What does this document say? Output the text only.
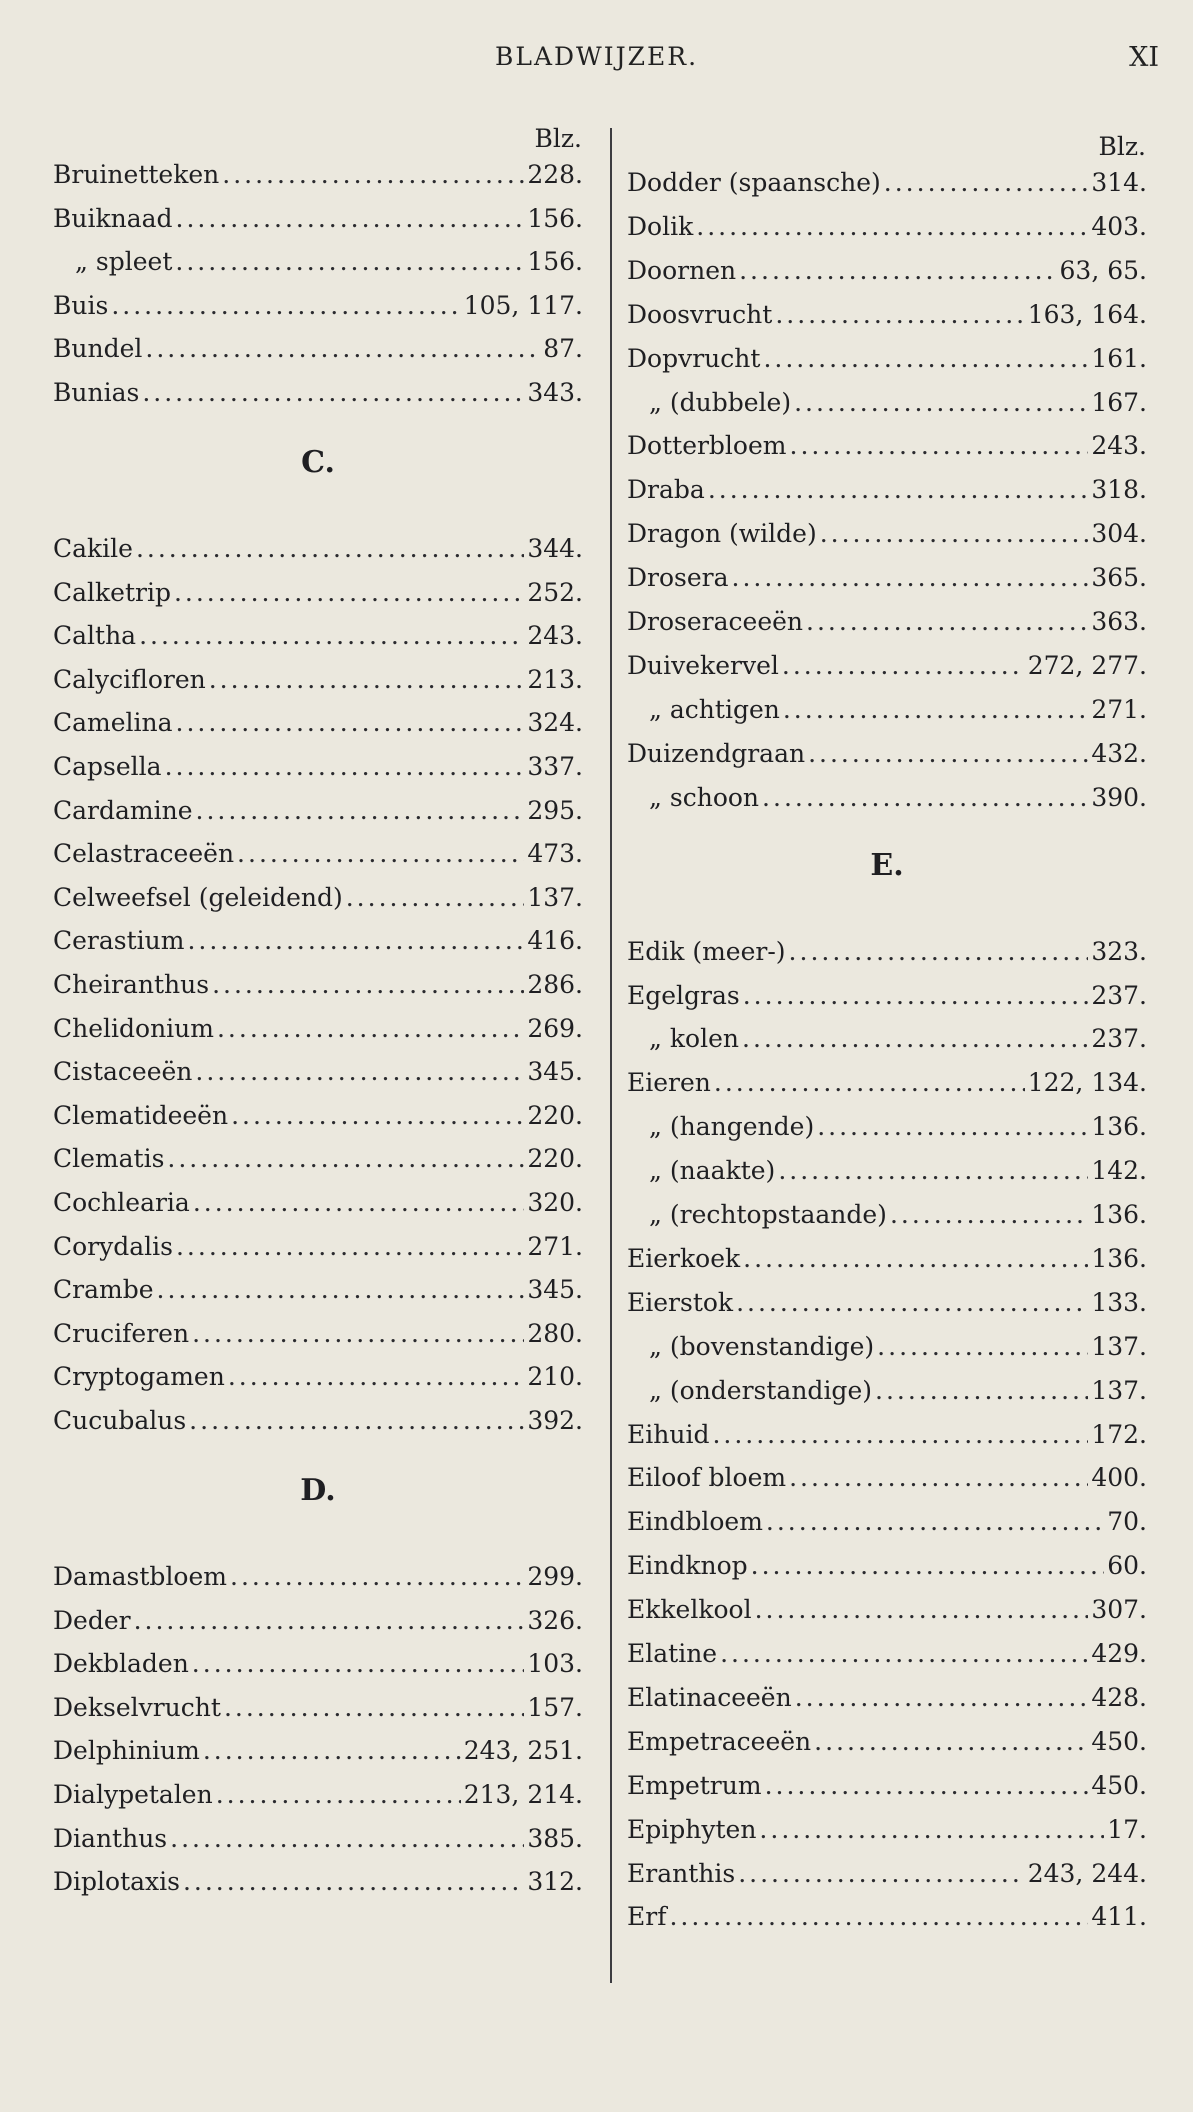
BLADWIJZER.	XI
Blz.
Bruinetteken .....	228.
Buiknaad .....	156.
„ spleet .....	156.
Buis .....	105, 117.
Bundel .....	87.
Bunias .....	343.
C.
Cakile .....	344.
Calketrip .....	252.
Caltha .....	243.
Calycifloren .....	213.
Camelina .....	324.
Capsella .....	337.
Cardamine .....	295.
Celastraceeën .....	473.
Celweefsel (geleidend) .....	137.
Cerastium .....	416.
Cheiranthus .....	286.
Chelidonium .....	269.
Cistaceeën .....	345.
Clematideeën .....	220.
Clematis .....	220.
Cochlearia .....	320.
Corydalis .....	271.
Crambe .....	345.
Cruciferen .....	280.
Cryptogamen .....	210.
Cucubalus .....	392.
D.
Damastbloem .....	299.
Deder .....	326.
Dekbladen .....	103.
Dekselvrucht .....	157.
Delphinium .....	243, 251.
Dialypetalen .....	213, 214.
Dianthus .....	385.
Diplotaxis .....	312.
Blz.
Dodder (spaansche) .....	314.
Dolik .....	403.
Doornen .....	63, 65.
Doosvrucht .....	163, 164.
Dopvrucht .....	161.
„ (dubbele) .....	167.
Dotterbloem .....	243.
Draba .....	318.
Dragon (wilde) .....	304.
Drosera .....	365.
Droseraceeën .....	363.
Duivekervel .....	272, 277.
„ achtigen .....	271.
Duizendgraan .....	432.
„ schoon .....	390.
E.
Edik (meer-) .....	323.
Egelgras .....	237.
„ kolen .....	237.
Eieren .....	122, 134.
„ (hangende) .....	136.
„ (naakte) .....	142.
„ (rechtopstaande) .....	136.
Eierkoek .....	136.
Eierstok .....	133.
„ (bovenstandige) .....	137.
„ (onderstandige) .....	137.
Eihuid .....	172.
Eiloof bloem .....	400.
Eindbloem .....	70.
Eindknop .....	60.
Ekkelkool .....	307.
Elatine .....	429.
Elatinaceeën .....	428.
Empetraceeën .....	450.
Empetrum .....	450.
Epiphyten .....	17.
Eranthis .....	243, 244.
Erf .....	411.
